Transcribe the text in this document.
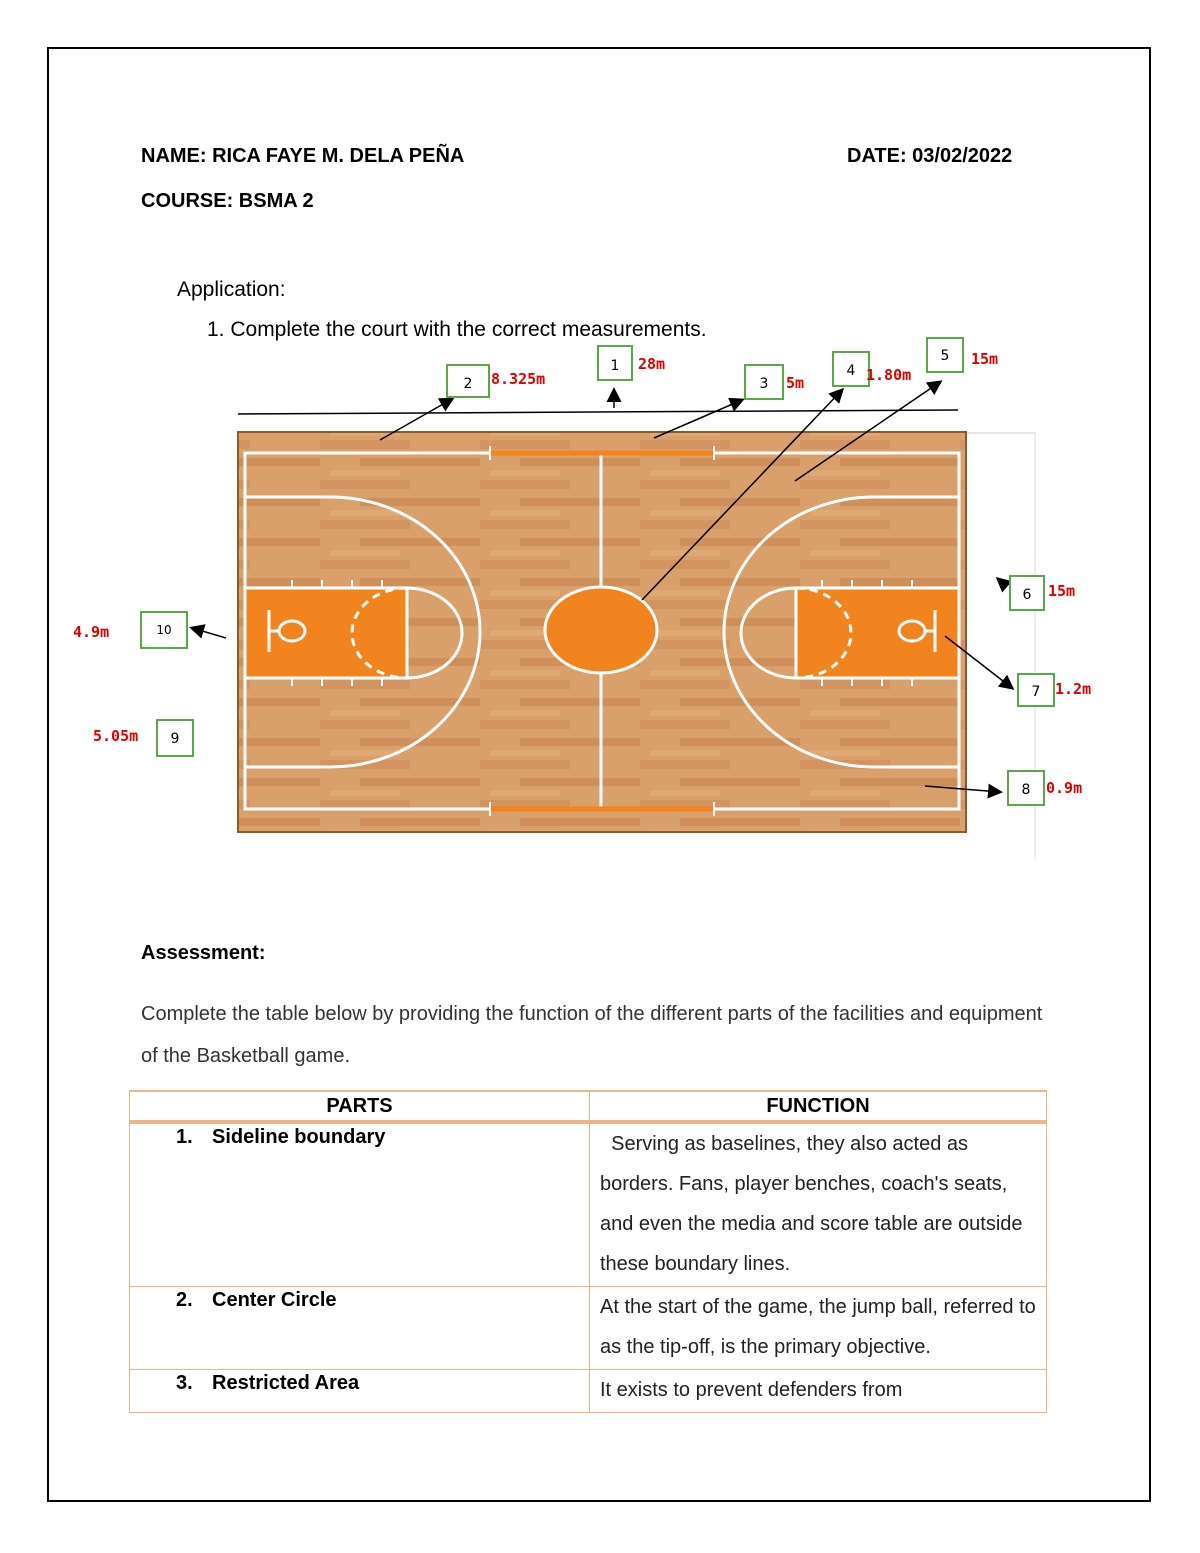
NAME: RICA FAYE M. DELA PEÑA	DATE: 03/02/2022
COURSE: BSMA 2
Application:
1. Complete the court with the correct measurements.
1
2	3
4
5
6
7
8
9
10
28m
8.325m	5m	1.80m
15m
15m
1.2m
0.9m
5.05m
4.9m
Assessment:
Complete the table below by providing the function of the different parts of the facilities and equipment of the Basketball game.
PARTS	FUNCTION
1. Sideline boundary	Serving as baselines, they also acted as borders. Fans, player benches, coach's seats, and even the media and score table are outside these boundary lines.
2. Center Circle	At the start of the game, the jump ball, referred to as the tip-off, is the primary objective.
3. Restricted Area	It exists to prevent defenders from
